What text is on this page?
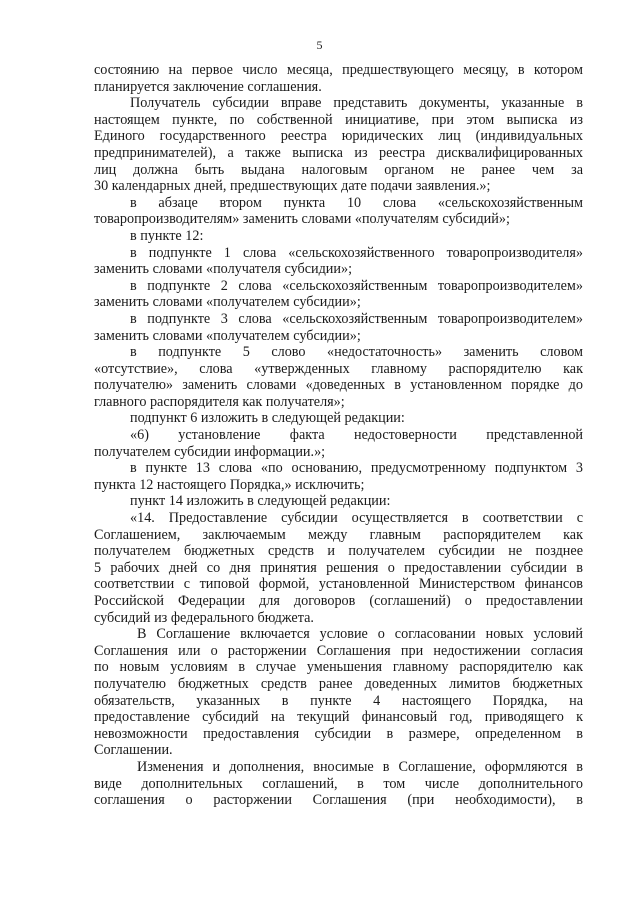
5
состоянию на первое число месяца, предшествующего месяцу, в котором
планируется заключение соглашения.
Получатель субсидии вправе представить документы, указанные в
настоящем пункте, по собственной инициативе, при этом выписка из
Единого государственного реестра юридических лиц (индивидуальных
предпринимателей), а также выписка из реестра дисквалифицированных
лиц должна быть выдана налоговым органом не ранее чем за
30 календарных дней, предшествующих дате подачи заявления.»;
в абзаце втором пункта 10 слова «сельскохозяйственным
товаропроизводителям» заменить словами «получателям субсидий»;
в пункте 12:
в подпункте 1 слова «сельскохозяйственного товаропроизводителя»
заменить словами «получателя субсидии»;
в подпункте 2 слова «сельскохозяйственным товаропроизводителем»
заменить словами «получателем субсидии»;
в подпункте 3 слова «сельскохозяйственным товаропроизводителем»
заменить словами «получателем субсидии»;
в подпункте 5 слово «недостаточность» заменить словом
«отсутствие», слова «утвержденных главному распорядителю как
получателю» заменить словами «доведенных в установленном порядке до
главного распорядителя как получателя»;
подпункт 6 изложить в следующей редакции:
«6) установление факта недостоверности представленной
получателем субсидии информации.»;
в пункте 13 слова «по основанию, предусмотренному подпунктом 3
пункта 12 настоящего Порядка,» исключить;
пункт 14 изложить в следующей редакции:
«14. Предоставление субсидии осуществляется в соответствии с
Соглашением, заключаемым между главным распорядителем как
получателем бюджетных средств и получателем субсидии не позднее
5 рабочих дней со дня принятия решения о предоставлении субсидии в
соответствии с типовой формой, установленной Министерством финансов
Российской Федерации для договоров (соглашений) о предоставлении
субсидий из федерального бюджета.
В Соглашение включается условие о согласовании новых условий
Соглашения или о расторжении Соглашения при недостижении согласия
по новым условиям в случае уменьшения главному распорядителю как
получателю бюджетных средств ранее доведенных лимитов бюджетных
обязательств, указанных в пункте 4 настоящего Порядка, на
предоставление субсидий на текущий финансовый год, приводящего к
невозможности предоставления субсидии в размере, определенном в
Соглашении.
Изменения и дополнения, вносимые в Соглашение, оформляются в
виде дополнительных соглашений, в том числе дополнительного
соглашения о расторжении Соглашения (при необходимости), в
